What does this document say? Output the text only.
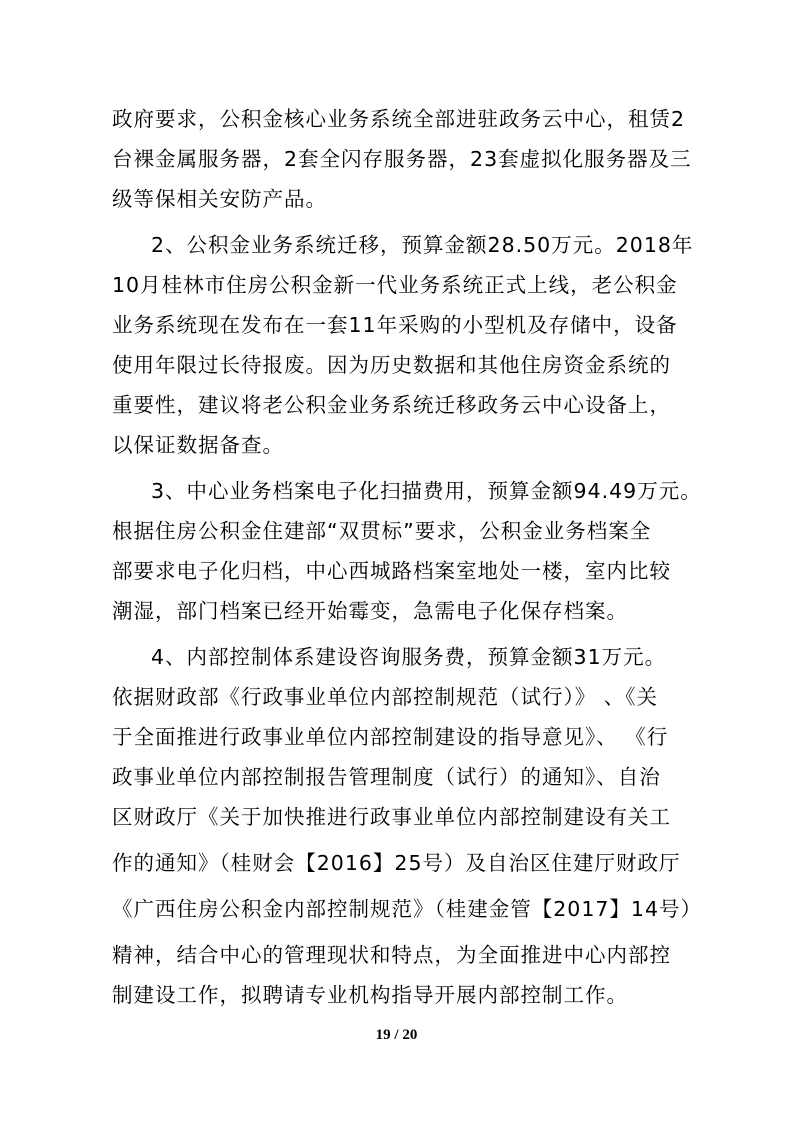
政府要求，公积金核心业务系统全部进驻政务云中心，租赁2
台裸金属服务器，2套全闪存服务器，23套虚拟化服务器及三
级等保相关安防产品。
2、公积金业务系统迁移，预算金额28.50万元。2018年
10月桂林市住房公积金新一代业务系统正式上线，老公积金
业务系统现在发布在一套11年采购的小型机及存储中，设备
使用年限过长待报废。因为历史数据和其他住房资金系统的
重要性，建议将老公积金业务系统迁移政务云中心设备上，
以保证数据备查。
3、中心业务档案电子化扫描费用，预算金额94.49万元。
根据住房公积金住建部“双贯标”要求，公积金业务档案全
部要求电子化归档，中心西城路档案室地处一楼，室内比较
潮湿，部门档案已经开始霉变，急需电子化保存档案。
4、内部控制体系建设咨询服务费，预算金额31万元。
依据财政部《行政事业单位内部控制规范（试行）》 、《关
于全面推进行政事业单位内部控制建设的指导意见》、 《行
政事业单位内部控制报告管理制度（试行）的通知》、自治
区财政厅《关于加快推进行政事业单位内部控制建设有关工
作的通知》（桂财会【2016】25号）及自治区住建厅财政厅
《广西住房公积金内部控制规范》（桂建金管【2017】14号）
精神，结合中心的管理现状和特点，为全面推进中心内部控
制建设工作，拟聘请专业机构指导开展内部控制工作。
19 / 20
